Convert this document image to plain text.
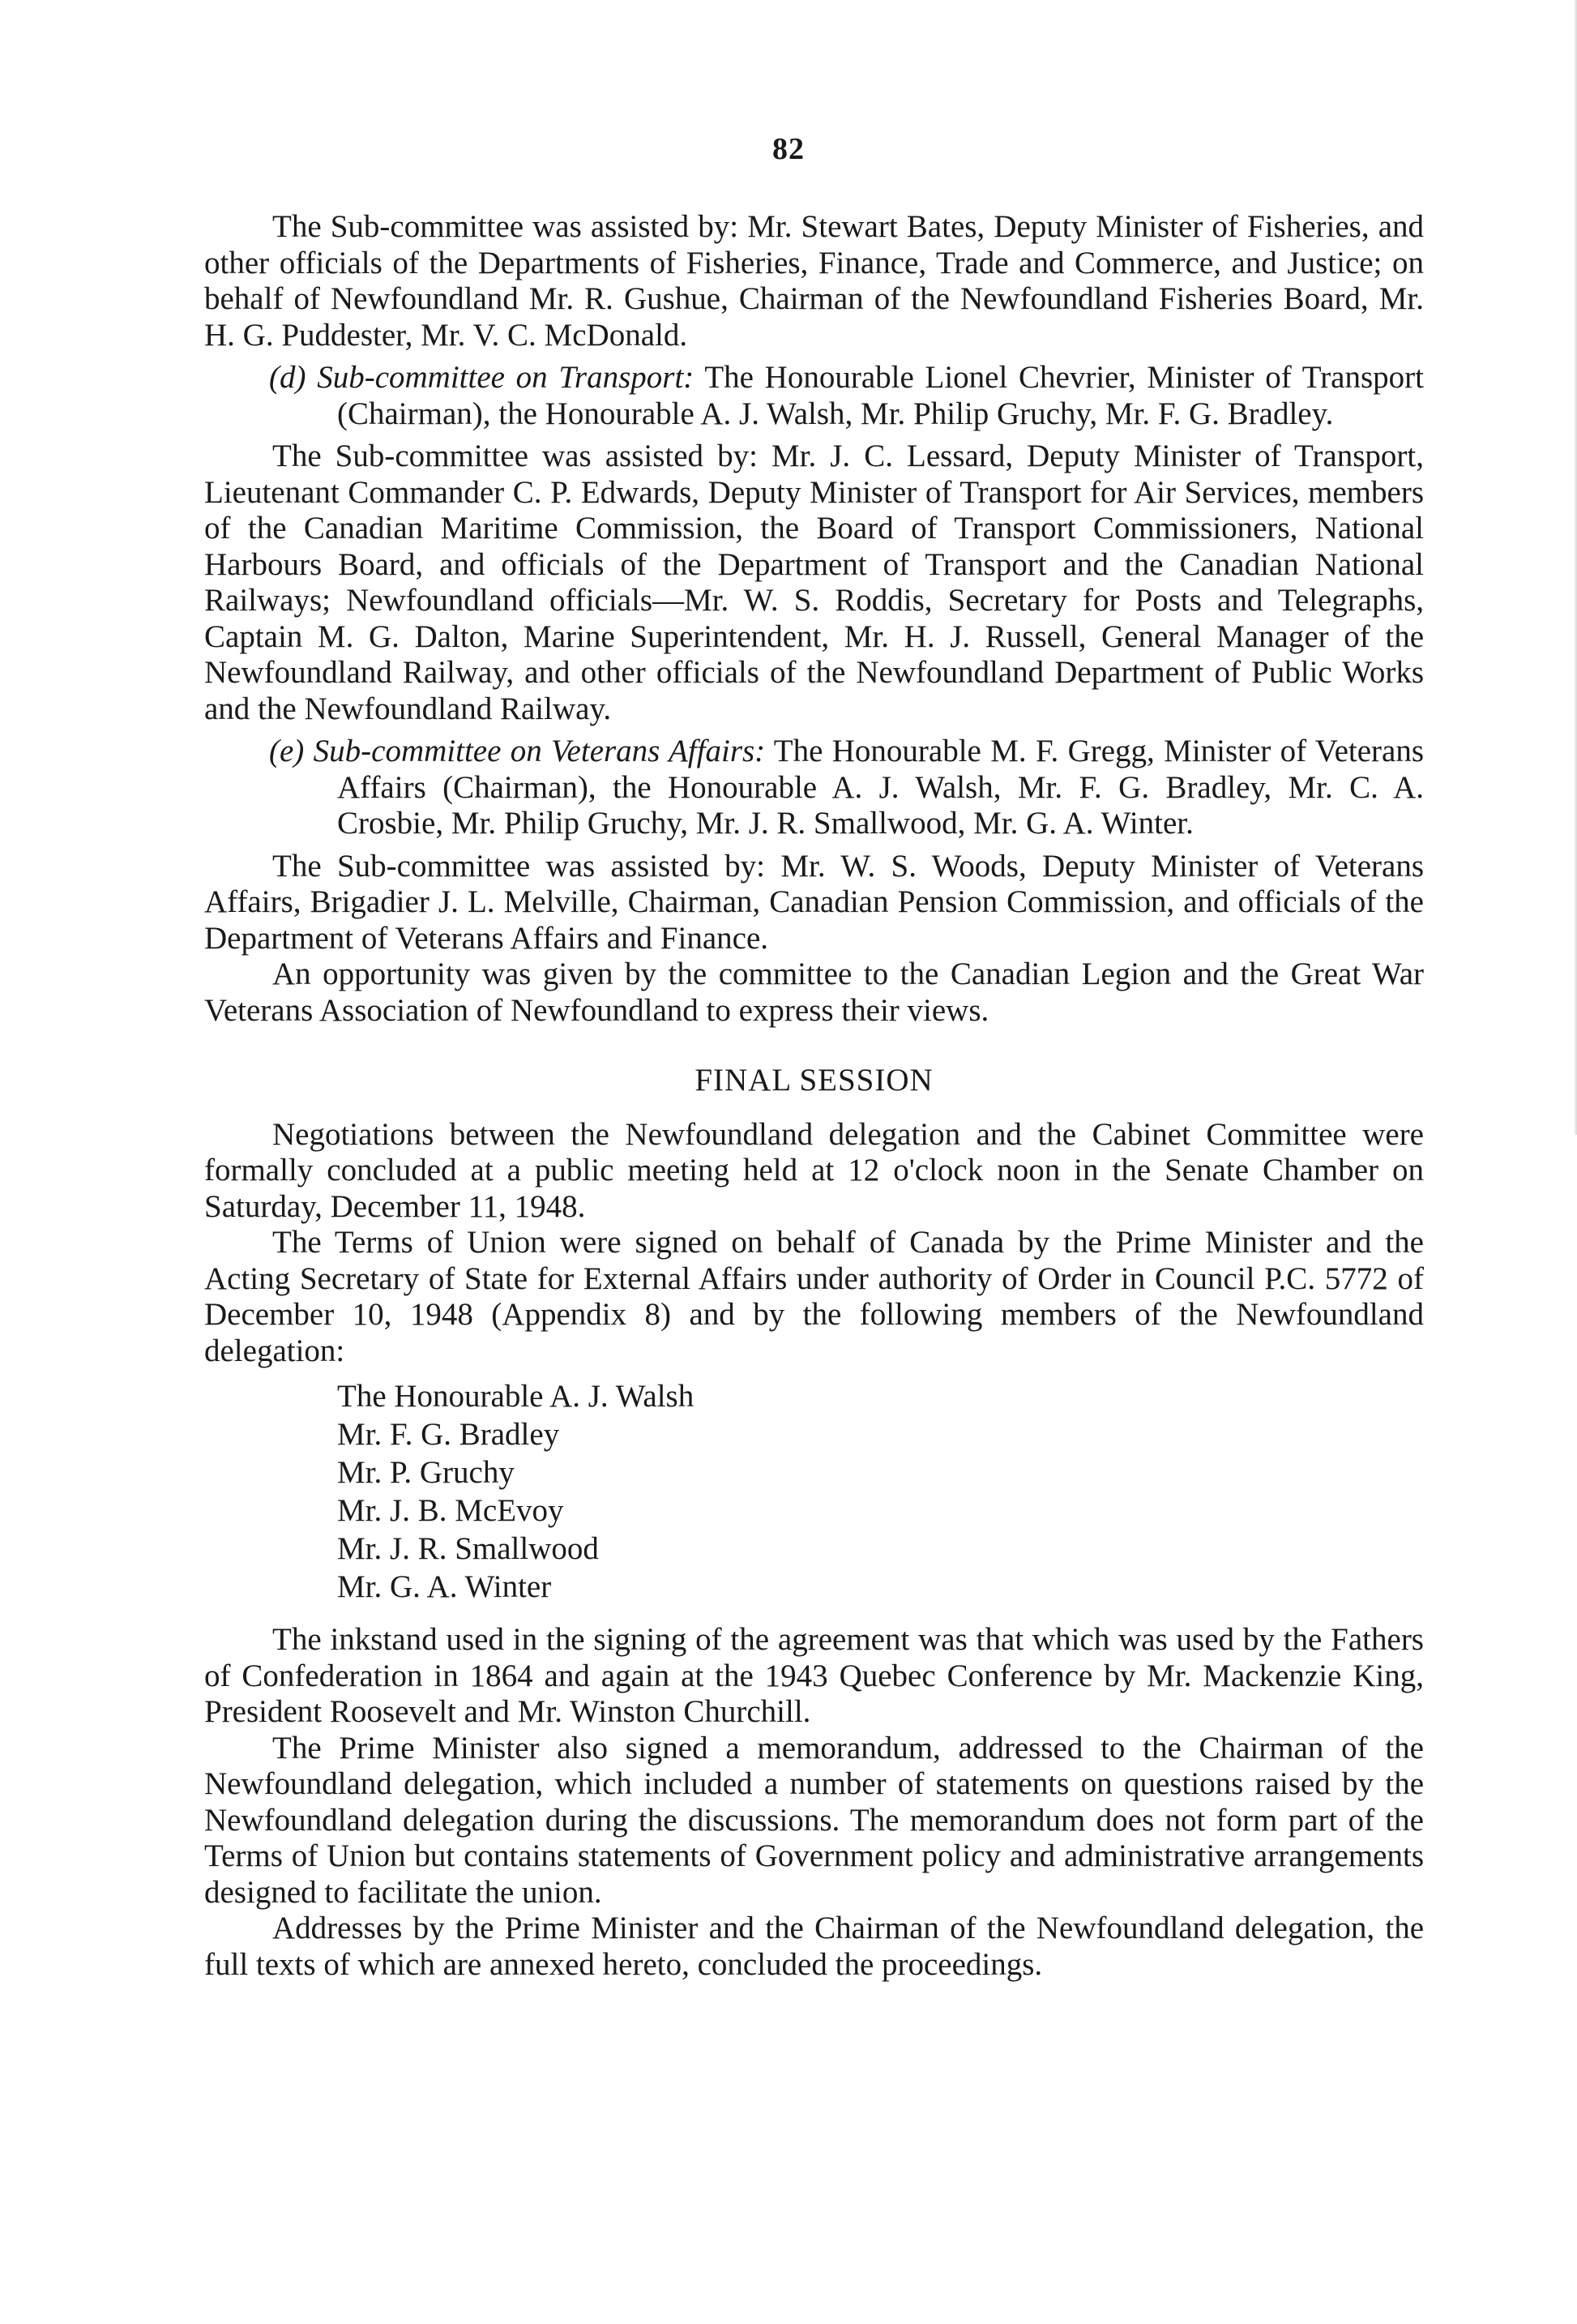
82

The Sub-committee was assisted by: Mr. Stewart Bates, Deputy Minister of Fisheries, and other officials of the Departments of Fisheries, Finance, Trade and Commerce, and Justice; on behalf of Newfoundland Mr. R. Gushue, Chairman of the Newfoundland Fisheries Board, Mr. H. G. Puddester, Mr. V. C. McDonald.

(d) Sub-committee on Transport: The Honourable Lionel Chevrier, Minister of Transport (Chairman), the Honourable A. J. Walsh, Mr. Philip Gruchy, Mr. F. G. Bradley.

The Sub-committee was assisted by: Mr. J. C. Lessard, Deputy Minister of Transport, Lieutenant Commander C. P. Edwards, Deputy Minister of Transport for Air Services, members of the Canadian Maritime Commission, the Board of Transport Commissioners, National Harbours Board, and officials of the Department of Transport and the Canadian National Railways; Newfoundland officials—Mr. W. S. Roddis, Secretary for Posts and Telegraphs, Captain M. G. Dalton, Marine Superintendent, Mr. H. J. Russell, General Manager of the Newfoundland Railway, and other officials of the Newfoundland Department of Public Works and the Newfoundland Railway.

(e) Sub-committee on Veterans Affairs: The Honourable M. F. Gregg, Minister of Veterans Affairs (Chairman), the Honourable A. J. Walsh, Mr. F. G. Bradley, Mr. C. A. Crosbie, Mr. Philip Gruchy, Mr. J. R. Smallwood, Mr. G. A. Winter.

The Sub-committee was assisted by: Mr. W. S. Woods, Deputy Minister of Veterans Affairs, Brigadier J. L. Melville, Chairman, Canadian Pension Commission, and officials of the Department of Veterans Affairs and Finance.

An opportunity was given by the committee to the Canadian Legion and the Great War Veterans Association of Newfoundland to express their views.

FINAL SESSION

Negotiations between the Newfoundland delegation and the Cabinet Committee were formally concluded at a public meeting held at 12 o'clock noon in the Senate Chamber on Saturday, December 11, 1948.

The Terms of Union were signed on behalf of Canada by the Prime Minister and the Acting Secretary of State for External Affairs under authority of Order in Council P.C. 5772 of December 10, 1948 (Appendix 8) and by the following members of the Newfoundland delegation:

The Honourable A. J. Walsh
Mr. F. G. Bradley
Mr. P. Gruchy
Mr. J. B. McEvoy
Mr. J. R. Smallwood
Mr. G. A. Winter

The inkstand used in the signing of the agreement was that which was used by the Fathers of Confederation in 1864 and again at the 1943 Quebec Conference by Mr. Mackenzie King, President Roosevelt and Mr. Winston Churchill.

The Prime Minister also signed a memorandum, addressed to the Chairman of the Newfoundland delegation, which included a number of statements on questions raised by the Newfoundland delegation during the discussions. The memorandum does not form part of the Terms of Union but contains statements of Government policy and administrative arrangements designed to facilitate the union.

Addresses by the Prime Minister and the Chairman of the Newfoundland delegation, the full texts of which are annexed hereto, concluded the proceedings.
